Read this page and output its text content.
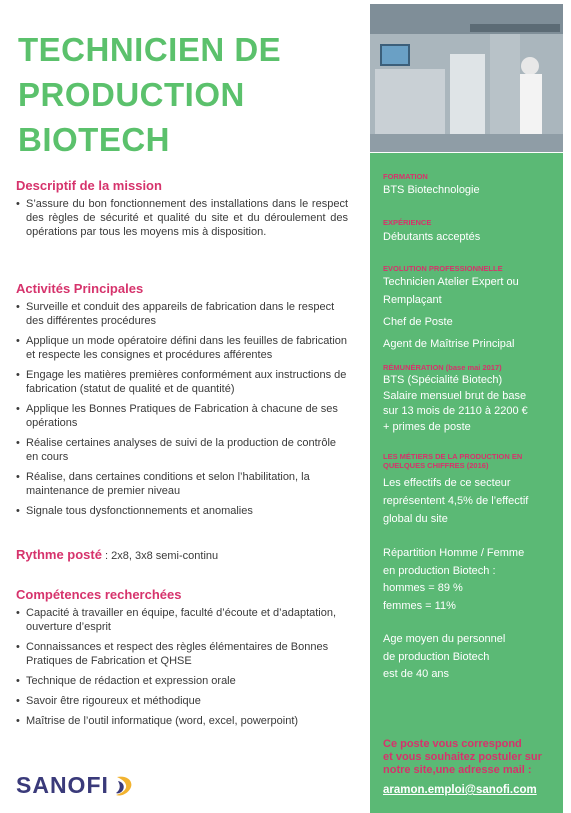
TECHNICIEN DE
PRODUCTION
BIOTECH
Descriptif de la mission
• S’assure du bon fonctionnement des installations dans le respect des règles de sécurité et qualité du site et du déroulement des opérations par tous les moyens mis à disposition.
Activités Principales
• Surveille et conduit des appareils de fabrication dans le respect des différentes procédures
• Applique un mode opératoire défini dans les feuilles de fabrication et respecte les consignes et procédures afférentes
• Engage les matières premières conformément aux instructions de fabrication (statut de qualité et de quantité)
• Applique les Bonnes Pratiques de Fabrication à chacune de ses opérations
• Réalise certaines analyses de suivi de la production de contrôle en cours
• Réalise, dans certaines conditions et selon l’habilitation, la maintenance de premier niveau
• Signale tous dysfonctionnements et anomalies
Rythme posté : 2x8, 3x8 semi-continu
Compétences recherchées
• Capacité à travailler en équipe, faculté d’écoute et d’adaptation, ouverture d’esprit
• Connaissances et respect des règles élémentaires de Bonnes Pratiques de Fabrication et QHSE
• Technique de rédaction et expression orale
• Savoir être rigoureux et méthodique
• Maîtrise de l’outil informatique (word, excel, powerpoint)
SANOFI
FORMATION
BTS Biotechnologie
EXPÉRIENCE
Débutants acceptés
EVOLUTION PROFESSIONNELLE
Technicien Atelier Expert ou Remplaçant
Chef de Poste
Agent de Maîtrise Principal
RÉMUNÉRATION (base mai 2017)
BTS (Spécialité Biotech)
Salaire mensuel brut de base
sur 13 mois de 2110 à 2200 €
+ primes de poste
LES MÉTIERS DE LA PRODUCTION EN QUELQUES CHIFFRES (2016)
Les effectifs de ce secteur représentent 4,5% de l’effectif global du site
Répartition Homme / Femme
en production Biotech :
hommes = 89 %
femmes = 11%
Age moyen du personnel
de production Biotech
est de 40 ans
Ce poste vous correspond
et vous souhaitez postuler sur
notre site,une adresse mail :
aramon.emploi@sanofi.com
